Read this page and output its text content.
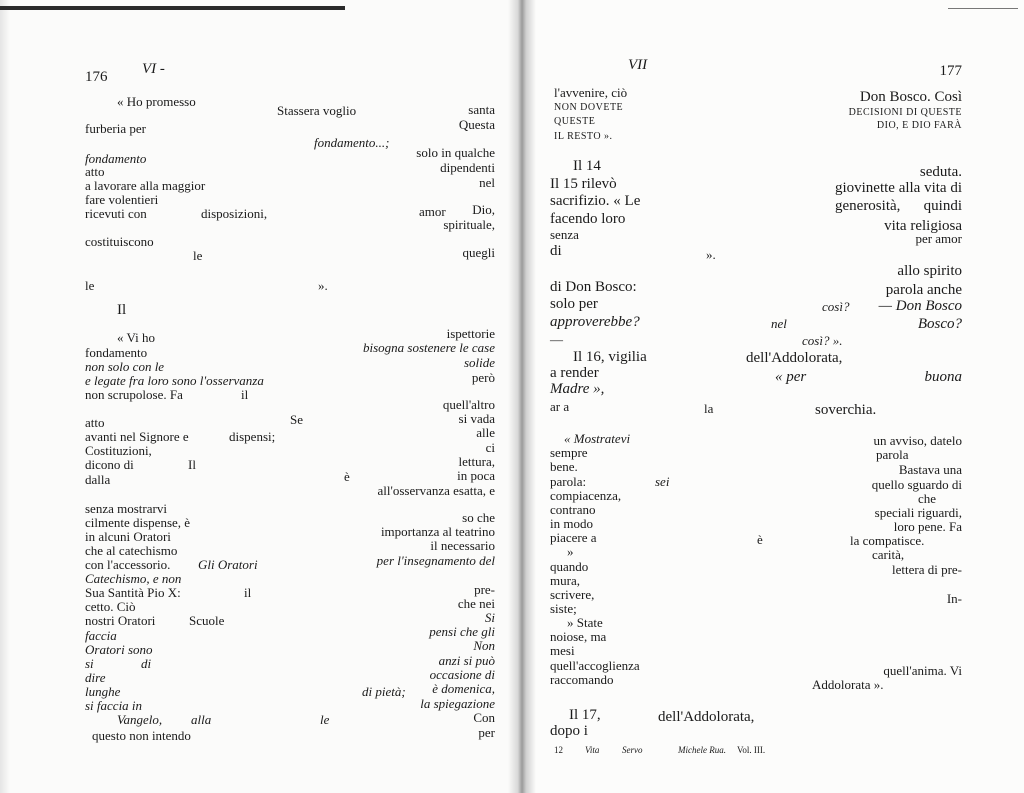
176 VI -
« Ho promesso
Stassera voglio	santa
furberia per	Questa
fondamento...;
fondamento	solo in qualche
atto	dipendenti
a lavorare alla maggior	nel
fare volentieri
ricevuti con	disposizioni,	amor Dio,
spirituale,
costituiscono
le	quegli
le	».
Il
« Vi ho	ispettorie
fondamento	bisogna sostenere le case
non solo con le	solide
e legate fra loro sono l'osservanza	però
non scrupolose. Fa	il
quell'altro
atto	Se	si vada
avanti nel Signore e	dispensi;	alle
Costituzioni,	ci
dicono di	Il	lettura,
dalla	è	in poca
all'osservanza esatta, e
senza mostrarvi
so che
cilmente dispense, è
importanza al teatrino
in alcuni Oratori
il necessario
che al catechismo
per l'insegnamento del
con l'accessorio. Gli Oratori
Catechismo, e non
pre-
Sua Santità Pio X:	il
che nei
cetto. Ciò
Si
nostri Oratori	Scuole
pensi che gli
faccia
Non
Oratori sono
si	di	anzi si può
dire	occasione di
lunghe	di pietà; è domenica,
si faccia in	la spiegazione
Vangelo, alla	le	Con
questo non intendo	per
VII	177
l'avvenire, ciò	Don Bosco. Così
NON DOVETE	DECISIONI DI QUESTE
QUESTE	DIO, E DIO FARÀ
IL RESTO ».
Il 14	seduta.
Il 15 rilevò	giovinette alla vita di
sacrifizio. « Le	generosità, quindi
facendo loro	vita religiosa
senza	per amor
di	».
allo spirito
di Don Bosco:	parola anche
solo per	così? — Don Bosco
approverebbe?	nel	Bosco?
—	così? ».
Il 16, vigilia	dell'Addolorata,
a render	« per	buona
Madre »,
ar a	la	soverchia.
« Mostratevi	un avviso, datelo
sempre	parola
bene.	Bastava una
parola:	sei	quello sguardo di
compiacenza,	che
contrano	speciali riguardi,
in modo	loro pene. Fa
piacere a	è	la compatisce.
»	carità,
quando	lettera di pre-
mura,
scrivere,	In-
siste;
» State
noiose, ma
mesi
quell'accoglienza	quell'anima. Vi
raccomando	Addolorata ».
Il 17,	dell'Addolorata,
dopo i
12 Vita	Servo	Michele Rua. Vol. III.
